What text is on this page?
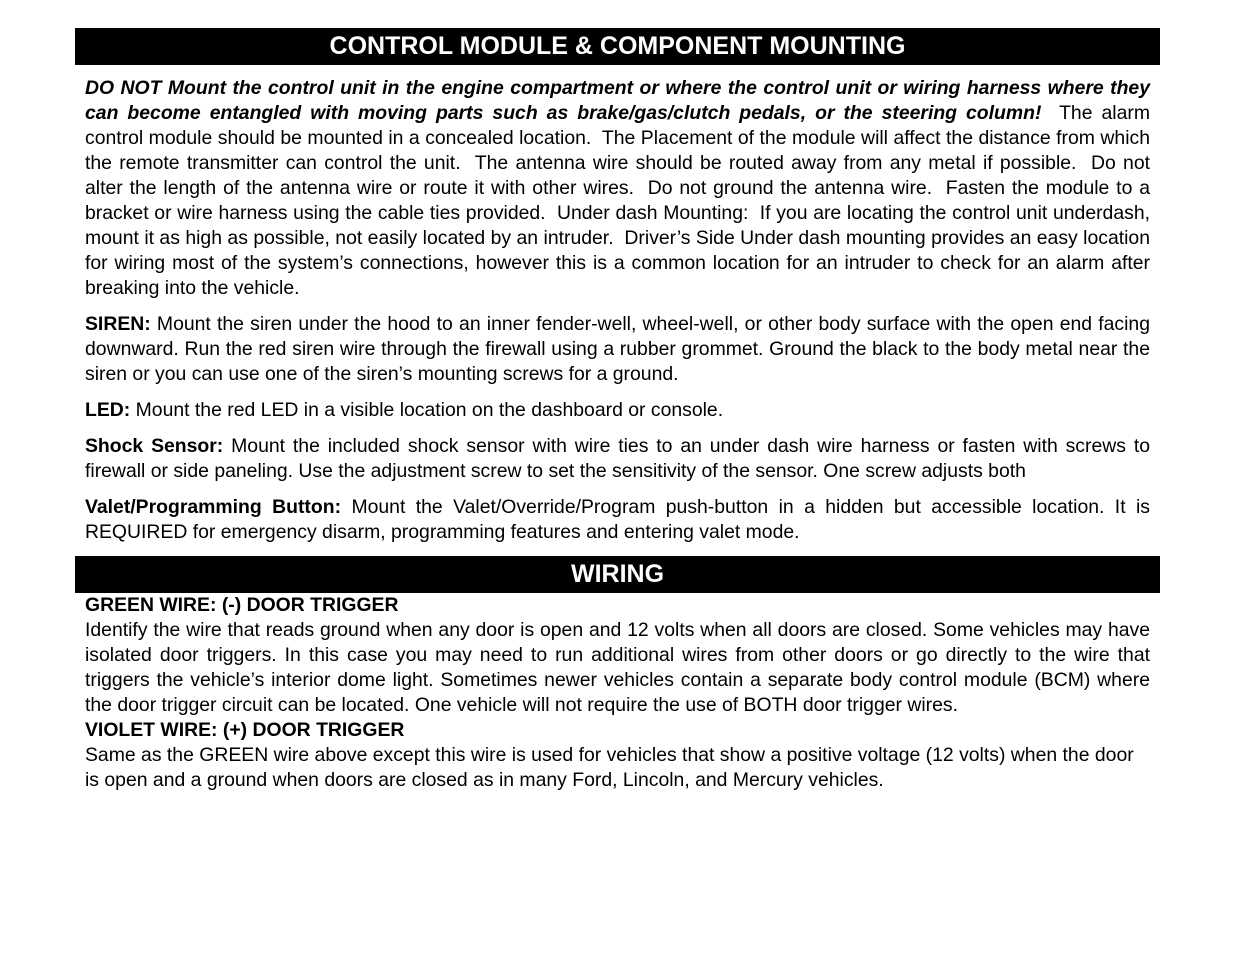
CONTROL MODULE & COMPONENT MOUNTING

DO NOT Mount the control unit in the engine compartment or where the control unit or wiring harness where they can become entangled with moving parts such as brake/gas/clutch pedals, or the steering column!  The alarm control module should be mounted in a concealed location.  The Placement of the module will affect the distance from which the remote transmitter can control the unit.  The antenna wire should be routed away from any metal if possible.  Do not alter the length of the antenna wire or route it with other wires.  Do not ground the antenna wire.  Fasten the module to a bracket or wire harness using the cable ties provided.  Under dash Mounting:  If you are locating the control unit underdash, mount it as high as possible, not easily located by an intruder.  Driver’s Side Under dash mounting provides an easy location for wiring most of the system’s connections, however this is a common location for an intruder to check for an alarm after breaking into the vehicle.

SIREN: Mount the siren under the hood to an inner fender-well, wheel-well, or other body surface with the open end facing downward. Run the red siren wire through the firewall using a rubber grommet. Ground the black to the body metal near the siren or you can use one of the siren’s mounting screws for a ground.

LED: Mount the red LED in a visible location on the dashboard or console.

Shock Sensor: Mount the included shock sensor with wire ties to an under dash wire harness or fasten with screws to firewall or side paneling. Use the adjustment screw to set the sensitivity of the sensor. One screw adjusts both

Valet/Programming Button: Mount the Valet/Override/Program push-button in a hidden but accessible location. It is REQUIRED for emergency disarm, programming features and entering valet mode.

WIRING

GREEN WIRE: (-) DOOR TRIGGER

Identify the wire that reads ground when any door is open and 12 volts when all doors are closed. Some vehicles may have isolated door triggers. In this case you may need to run additional wires from other doors or go directly to the wire that triggers the vehicle’s interior dome light. Sometimes newer vehicles contain a separate body control module (BCM) where the door trigger circuit can be located. One vehicle will not require the use of BOTH door trigger wires.

VIOLET WIRE: (+) DOOR TRIGGER

Same as the GREEN wire above except this wire is used for vehicles that show a positive voltage (12 volts) when the door is open and a ground when doors are closed as in many Ford, Lincoln, and Mercury vehicles.
